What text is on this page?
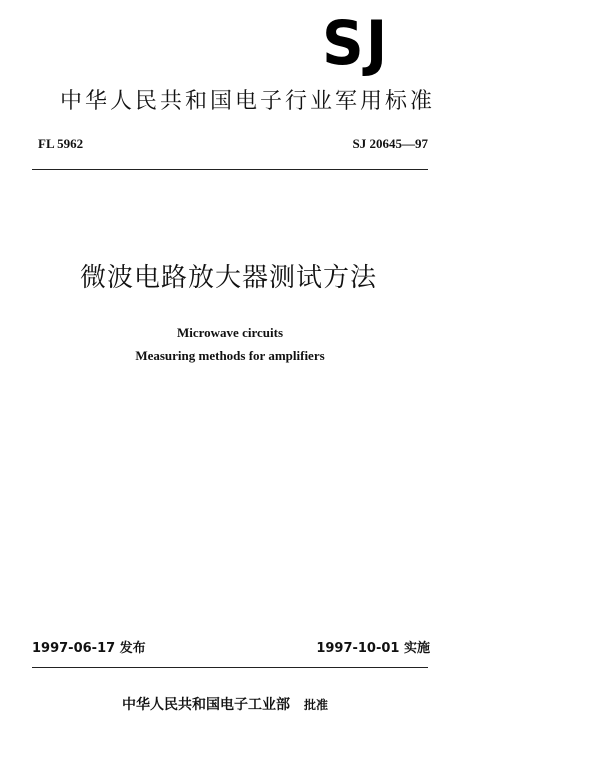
SJ
中华人民共和国电子行业军用标准
FL 5962	SJ 20645—97
微波电路放大器测试方法
Microwave circuits
Measuring methods for amplifiers
1997-06-17 发布	1997-10-01 实施
中华人民共和国电子工业部 批准
